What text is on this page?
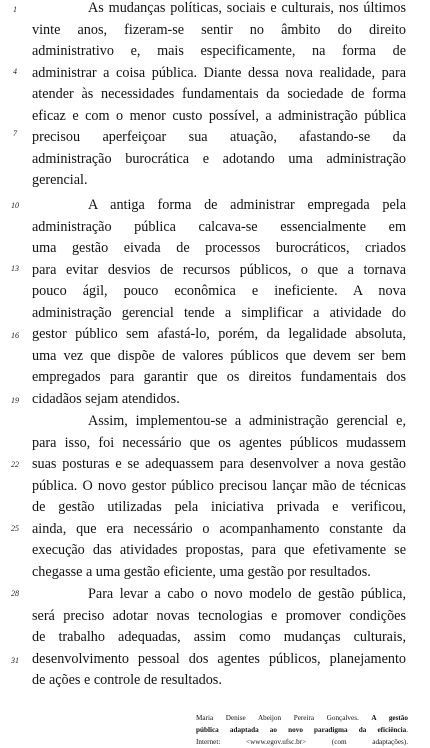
1
4
7
10
13
16
19
22
25
28
31
As mudanças políticas, sociais e culturais, nos últimos
vinte anos, fizeram-se sentir no âmbito do direito
administrativo e, mais especificamente, na forma de
administrar a coisa pública. Diante dessa nova realidade, para
atender às necessidades fundamentais da sociedade de forma
eficaz e com o menor custo possível, a administração pública
precisou aperfeiçoar sua atuação, afastando-se da
administração burocrática e adotando uma administração
gerencial.
A antiga forma de administrar empregada pela
administração pública calcava-se essencialmente em
uma gestão eivada de processos burocráticos, criados
para evitar desvios de recursos públicos, o que a tornava
pouco ágil, pouco econômica e ineficiente. A nova
administração gerencial tende a simplificar a atividade do
gestor público sem afastá-lo, porém, da legalidade absoluta,
uma vez que dispõe de valores públicos que devem ser bem
empregados para garantir que os direitos fundamentais dos
cidadãos sejam atendidos.
Assim, implementou-se a administração gerencial e,
para isso, foi necessário que os agentes públicos mudassem
suas posturas e se adequassem para desenvolver a nova gestão
pública. O novo gestor público precisou lançar mão de técnicas
de gestão utilizadas pela iniciativa privada e verificou,
ainda, que era necessário o acompanhamento constante da
execução das atividades propostas, para que efetivamente se
chegasse a uma gestão eficiente, uma gestão por resultados.
Para levar a cabo o novo modelo de gestão pública,
será preciso adotar novas tecnologias e promover condições
de trabalho adequadas, assim como mudanças culturais,
desenvolvimento pessoal dos agentes públicos, planejamento
de ações e controle de resultados.
Maria Denise Abeijon Pereira Gonçalves. A gestão
pública adaptada ao novo paradigma da eficiência.
Internet: <www.egov.ufsc.br> (com adaptações).
